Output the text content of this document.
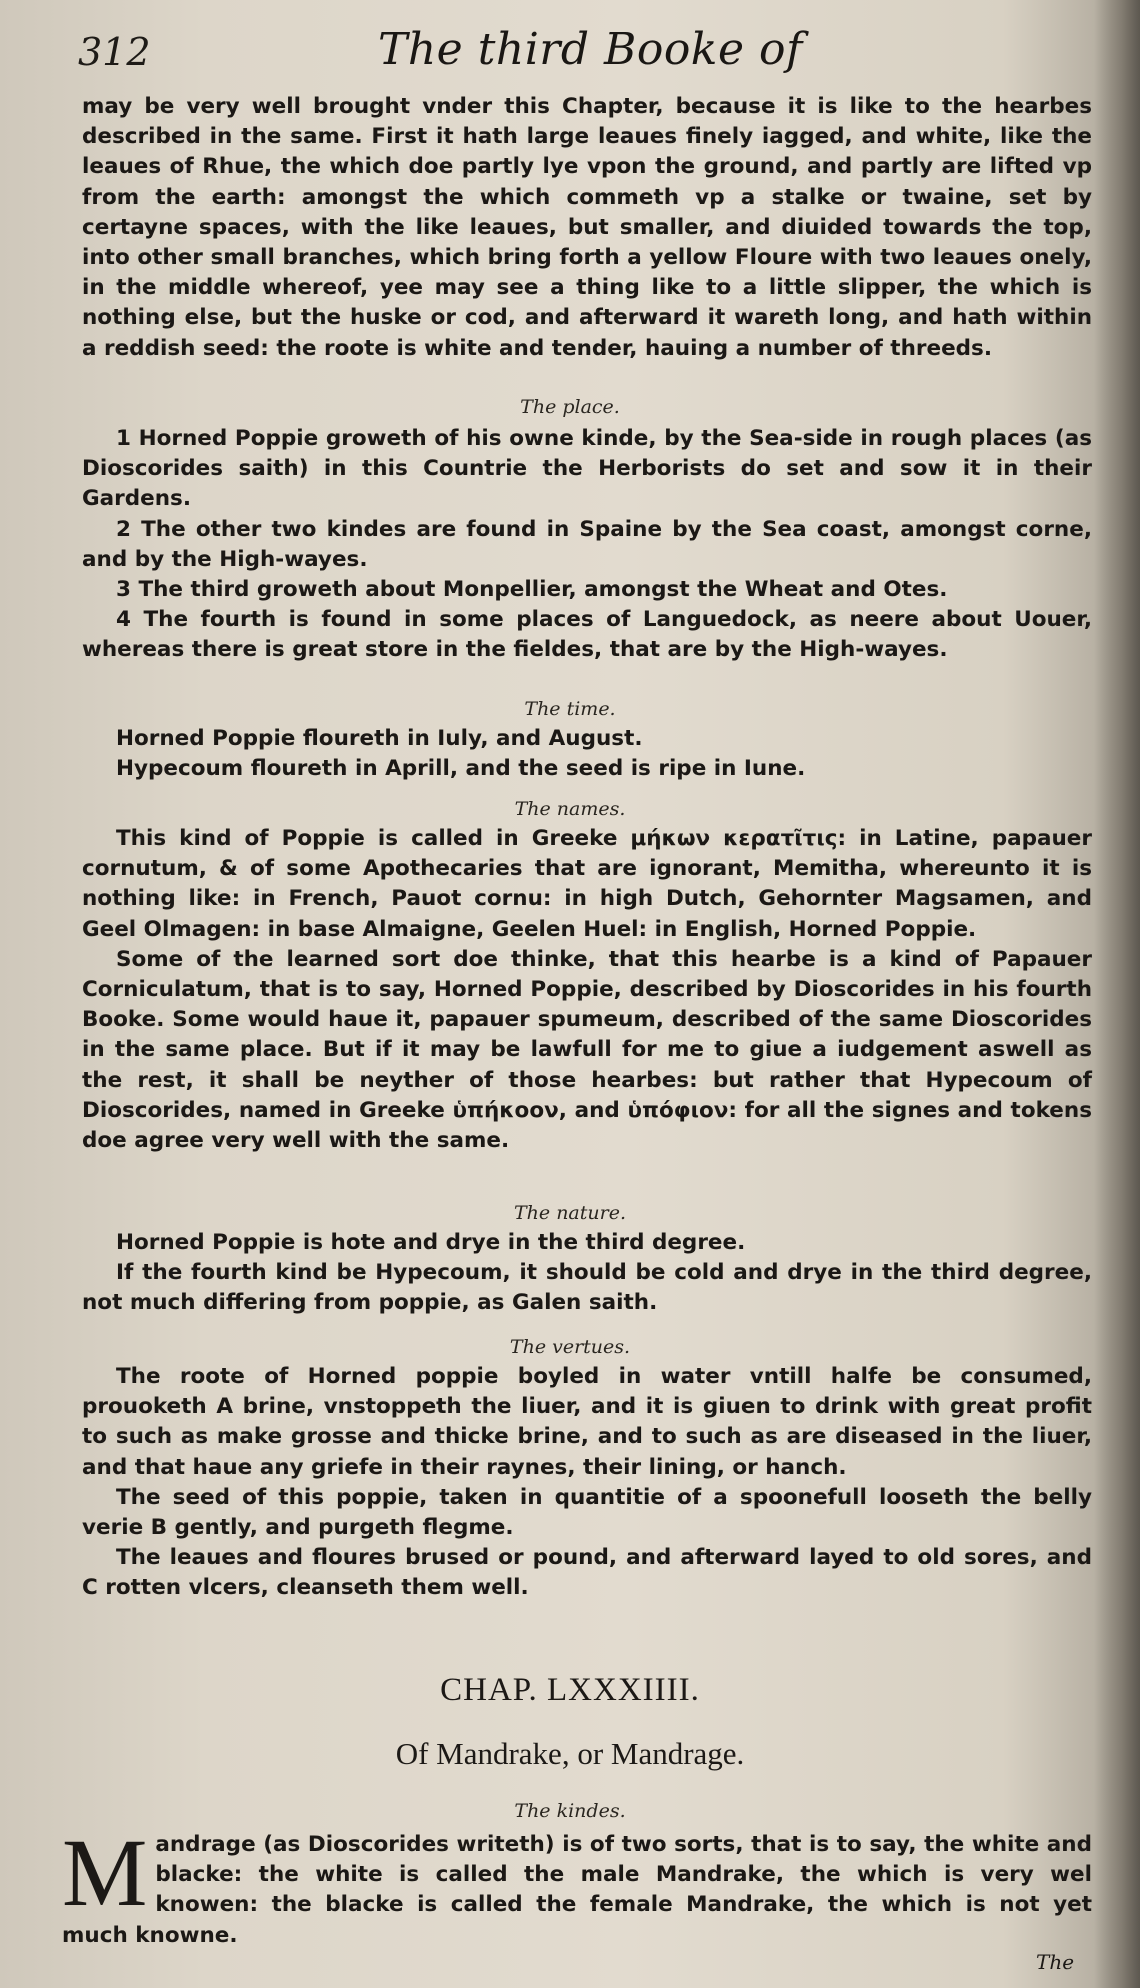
312	The third Booke of

may be very well brought vnder this Chapter, because it is like to the hearbes described in the same. First it hath large leaues finely iagged, and white, like the leaues of Rhue, the which doe partly lye vpon the ground, and partly are lifted vp from the earth: amongst the which commeth vp a stalke or twaine, set by certayne spaces, with the like leaues, but smaller, and diuided towards the top, into other small branches, which bring forth a yellow Floure with two leaues onely, in the middle whereof, yee may see a thing like to a little slipper, the which is nothing else, but the huske or cod, and afterward it wareth long, and hath within a reddish seed: the roote is white and tender, hauing a number of threeds.

The place.

1 Horned Poppie groweth of his owne kinde, by the Sea-side in rough places (as Dioscorides saith) in this Countrie the Herborists do set and sow it in their Gardens.

2 The other two kindes are found in Spaine by the Sea coast, amongst corne, and by the High-wayes.

3 The third groweth about Monpellier, amongst the Wheat and Otes.

4 The fourth is found in some places of Languedock, as neere about Uouer, whereas there is great store in the fieldes, that are by the High-wayes.

The time.

Horned Poppie floureth in Iuly, and August.

Hypecoum floureth in Aprill, and the seed is ripe in Iune.

The names.

This kind of Poppie is called in Greeke μήκων κερατῖτις: in Latine, papauer cornutum, & of some Apothecaries that are ignorant, Memitha, whereunto it is nothing like: in French, Pauot cornu: in high Dutch, Gehornter Magsamen, and Geel Olmagen: in base Almaigne, Geelen Huel: in English, Horned Poppie.

Some of the learned sort doe thinke, that this hearbe is a kind of Papauer Corniculatum, that is to say, Horned Poppie, described by Dioscorides in his fourth Booke. Some would haue it, papauer spumeum, described of the same Dioscorides in the same place. But if it may be lawfull for me to giue a iudgement aswell as the rest, it shall be neyther of those hearbes: but rather that Hypecoum of Dioscorides, named in Greeke ὑπήκοον, and ὑπόφιον: for all the signes and tokens doe agree very well with the same.

The nature.

Horned Poppie is hote and drye in the third degree.

If the fourth kind be Hypecoum, it should be cold and drye in the third degree, not much differing from poppie, as Galen saith.

The vertues.

The roote of Horned poppie boyled in water vntill halfe be consumed, prouoketh A brine, vnstoppeth the liuer, and it is giuen to drink with great profit to such as make grosse and thicke brine, and to such as are diseased in the liuer, and that haue any griefe in their raynes, their lining, or hanch.

The seed of this poppie, taken in quantitie of a spoonefull looseth the belly verie B gently, and purgeth flegme.

The leaues and floures brused or pound, and afterward layed to old sores, and C rotten vlcers, cleanseth them well.

CHAP. LXXXIIII.
Of Mandrake, or Mandrage.
The kindes.
M andrage (as Dioscorides writeth) is of two sorts, that is to say, the white and blacke: the white is called the male Mandrake, the which is very wel knowen: the blacke is called the female Mandrake, the which is not yet much knowne.

The
